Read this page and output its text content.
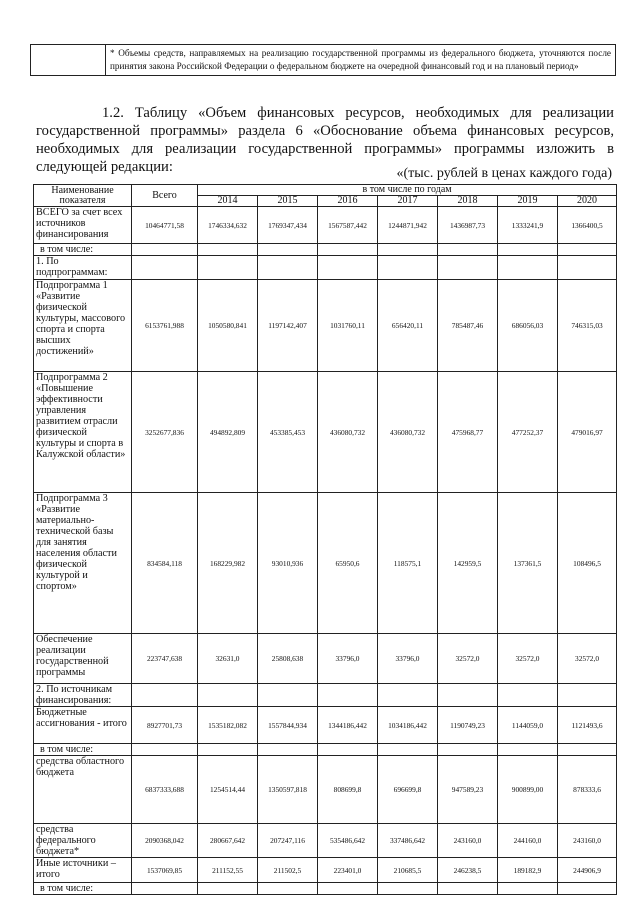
	* Объемы средств, направляемых на реализацию государственной программы из федерального бюджета, уточняются после принятия закона Российской Федерации о федеральном бюджете на очередной финансовый год и на плановый период»

1.2. Таблицу «Объем финансовых ресурсов, необходимых для реализации государственной программы» раздела 6 «Обоснование объема финансовых ресурсов, необходимых для реализации государственной программы» программы изложить в следующей редакции:	«(тыс. рублей в ценах каждого года)

Наименование показателя	Всего	в том числе по годам						
		2014	2015	2016	2017	2018	2019	2020
ВСЕГО за счет всех источников финансирования	10464771,58	1746334,632	1769347,434	1567587,442	1244871,942	1436987,73	1333241,9	1366400,5
в том числе:								
1. По подпрограммам:								
Подпрограмма 1 «Развитие физической культуры, массового спорта и спорта высших достижений»	6153761,988	1050580,841	1197142,407	1031760,11	656420,11	785487,46	686056,03	746315,03
Подпрограмма 2 «Повышение эффективности управления развитием отрасли физической культуры и спорта в Калужской области»	3252677,836	494892,809	453385,453	436080,732	436080,732	475968,77	477252,37	479016,97
Подпрограмма 3 «Развитие материально-технической базы для занятия населения области физической культурой и спортом»	834584,118	168229,982	93010,936	65950,6	118575,1	142959,5	137361,5	108496,5
Обеспечение реализации государственной программы	223747,638	32631,0	25808,638	33796,0	33796,0	32572,0	32572,0	32572,0
2. По источникам финансирования:								
Бюджетные ассигнования - итого	8927701,73	1535182,082	1557844,934	1344186,442	1034186,442	1190749,23	1144059,0	1121493,6
в том числе:								
средства областного бюджета	6837333,688	1254514,44	1350597,818	808699,8	696699,8	947589,23	900899,00	878333,6
средства федерального бюджета*	2090368,042	280667,642	207247,116	535486,642	337486,642	243160,0	244160,0	243160,0
Иные источники – итого	1537069,85	211152,55	211502,5	223401,0	210685,5	246238,5	189182,9	244906,9
в том числе:								
